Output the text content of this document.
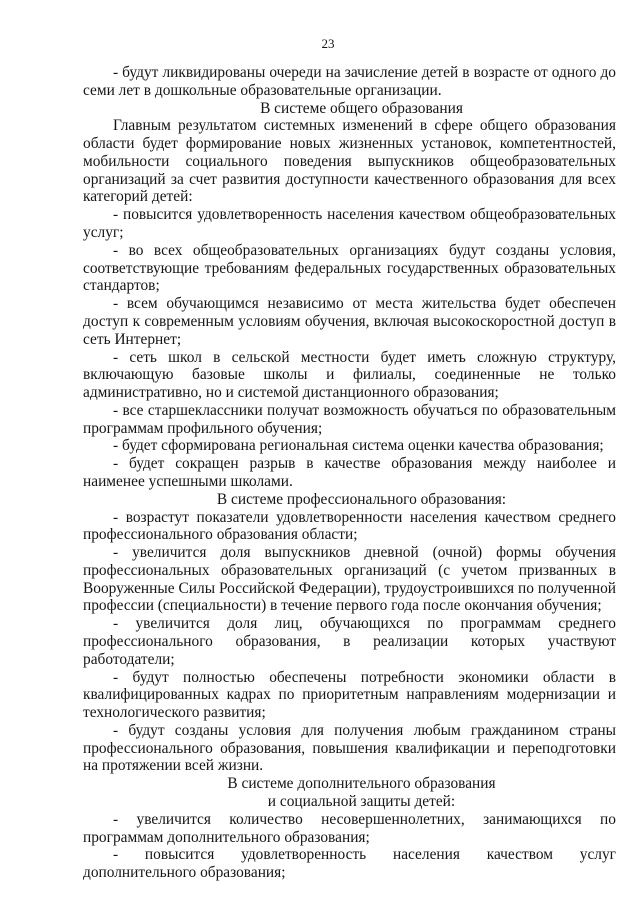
23

- будут ликвидированы очереди на зачисление детей в возрасте от одного до семи лет в дошкольные образовательные организации.

В системе общего образования

Главным результатом системных изменений в сфере общего образования области будет формирование новых жизненных установок, компетентностей, мобильности социального поведения выпускников общеобразовательных организаций за счет развития доступности качественного образования для всех категорий детей:

- повысится удовлетворенность населения качеством общеобразовательных услуг;

- во всех общеобразовательных организациях будут созданы условия, соответствующие требованиям федеральных государственных образовательных стандартов;

- всем обучающимся независимо от места жительства будет обеспечен доступ к современным условиям обучения, включая высокоскоростной доступ в сеть Интернет;

- сеть школ в сельской местности будет иметь сложную структуру, включающую базовые школы и филиалы, соединенные не только административно, но и системой дистанционного образования;

- все старшеклассники получат возможность обучаться по образовательным программам профильного обучения;

- будет сформирована региональная система оценки качества образования;

- будет сокращен разрыв в качестве образования между наиболее и наименее успешными школами.

В системе профессионального образования:

- возрастут показатели удовлетворенности населения качеством среднего профессионального образования области;

- увеличится доля выпускников дневной (очной) формы обучения профессиональных образовательных организаций (с учетом призванных в Вооруженные Силы Российской Федерации), трудоустроившихся по полученной профессии (специальности) в течение первого года после окончания обучения;

- увеличится доля лиц, обучающихся по программам среднего профессионального образования, в реализации которых участвуют работодатели;

- будут полностью обеспечены потребности экономики области в квалифицированных кадрах по приоритетным направлениям модернизации и технологического развития;

- будут созданы условия для получения любым гражданином страны профессионального образования, повышения квалификации и переподготовки на протяжении всей жизни.

В системе дополнительного образования

и социальной защиты детей:

- увеличится количество несовершеннолетних, занимающихся по программам дополнительного образования;

- повысится удовлетворенность населения качеством услуг дополнительного образования;
